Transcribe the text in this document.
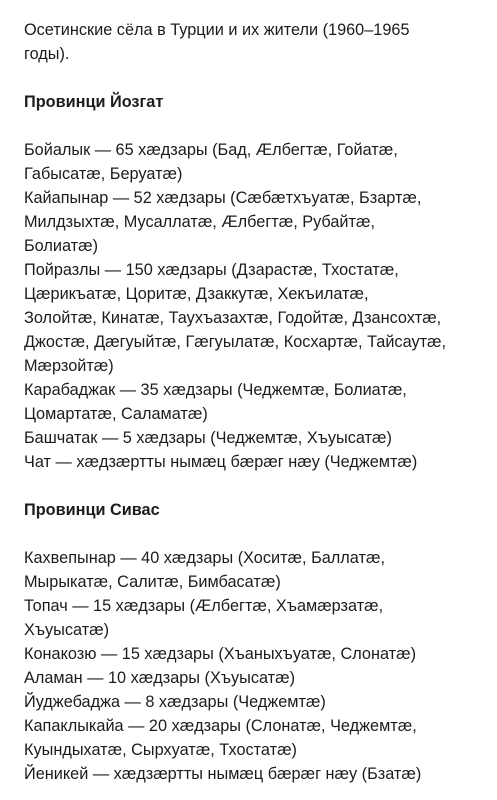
Осетинские сёла в Турции и их жители (1960–1965
годы).

Провинци Йозгат

Бойалык — 65 хæдзары (Бад, Æлбегтæ, Гойатæ,
Габысатæ, Беруатæ)

Кайапынар — 52 хæдзары (Сæбæтхъуатæ, Бзартæ,
Милдзыхтæ, Мусаллатæ, Æлбегтæ, Рубайтæ,
Болиатæ)

Пойразлы — 150 хæдзары (Дзарастæ, Тхостатæ,
Цæрикъатæ, Цоритæ, Дзаккутæ, Хекъилатæ,
Золойтæ, Кинатæ, Таухъазахтæ, Годойтæ, Дзансохтæ,
Джостæ, Дæгуыйтæ, Гæгуылатæ, Косхартæ, Тайсаутæ,
Мæрзойтæ)

Карабаджак — 35 хæдзары (Чеджемтæ, Болиатæ,
Цомартатæ, Саламатæ)

Башчатак — 5 хæдзары (Чеджемтæ, Хъуысатæ)

Чат — хæдзæртты нымæц бæрæг нæу (Чеджемтæ)

Провинци Сивас

Кахвепынар — 40 хæдзары (Хоситæ, Баллатæ,
Мырыкатæ, Салитæ, Бимбасатæ)

Топач — 15 хæдзары (Æлбегтæ, Хъамæрзатæ,
Хъуысатæ)

Конакозю — 15 хæдзары (Хъаныхъуатæ, Слонатæ)

Аламан — 10 хæдзары (Хъуысатæ)

Йуджебаджа — 8 хæдзары (Чеджемтæ)

Капаклыкайа — 20 хæдзары (Слонатæ, Чеджемтæ,
Куындыхатæ, Сырхуатæ, Тхостатæ)

Йеникей — хæдзæртты нымæц бæрæг нæу (Бзатæ)
